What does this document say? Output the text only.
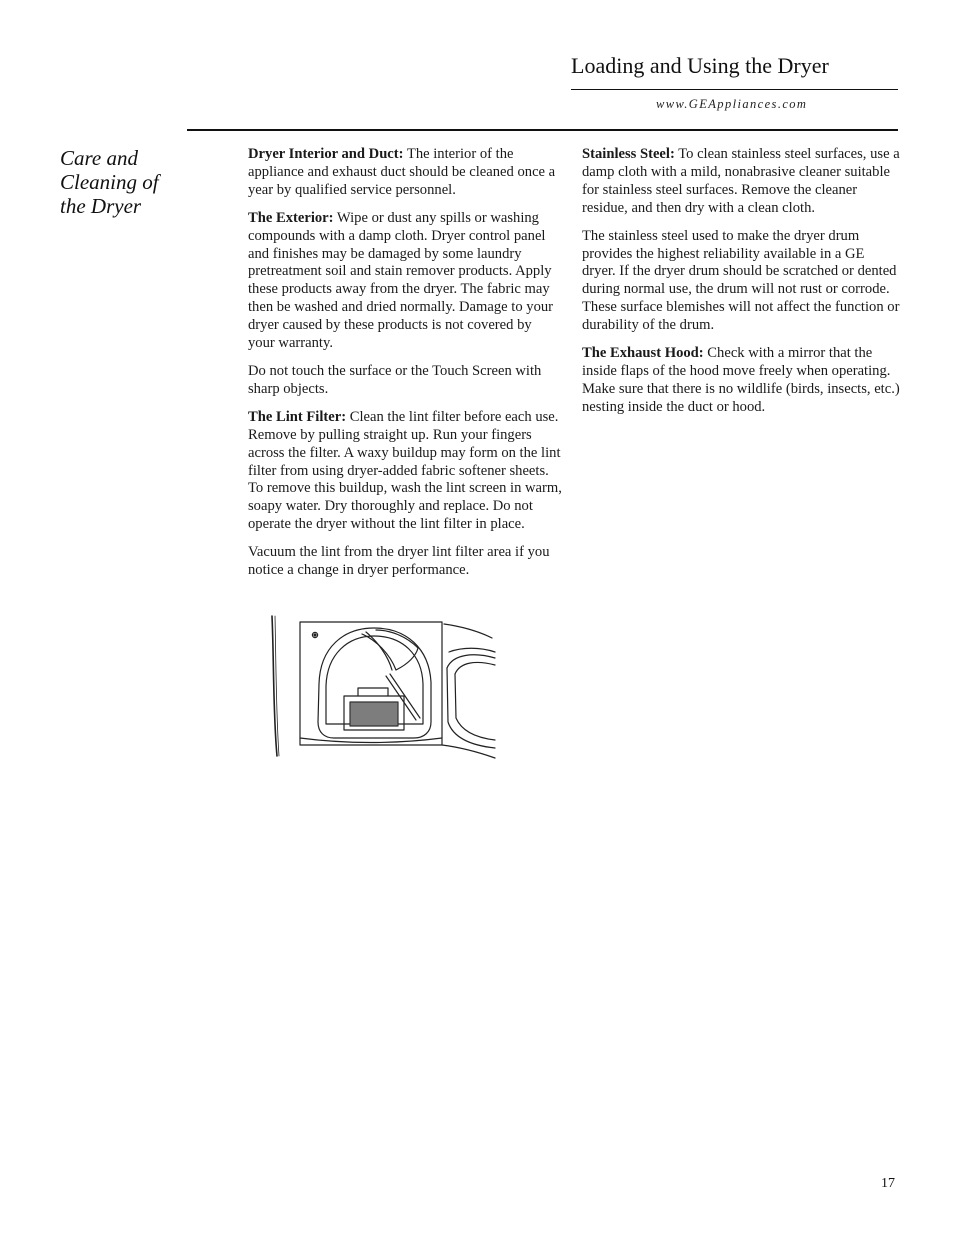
Loading and Using the Dryer
www.GEAppliances.com
Care and
Cleaning of
the Dryer

Dryer Interior and Duct: The interior of the appliance and exhaust duct should be cleaned once a year by qualified service personnel.

The Exterior: Wipe or dust any spills or washing compounds with a damp cloth. Dryer control panel and finishes may be damaged by some laundry pretreatment soil and stain remover products. Apply these products away from the dryer. The fabric may then be washed and dried normally. Damage to your dryer caused by these products is not covered by your warranty.

Do not touch the surface or the Touch Screen with sharp objects.

The Lint Filter: Clean the lint filter before each use. Remove by pulling straight up. Run your fingers across the filter. A waxy buildup may form on the lint filter from using dryer-added fabric softener sheets. To remove this buildup, wash the lint screen in warm, soapy water. Dry thoroughly and replace. Do not operate the dryer without the lint filter in place.

Vacuum the lint from the dryer lint filter area if you notice a change in dryer performance.

Stainless Steel: To clean stainless steel surfaces, use a damp cloth with a mild, nonabrasive cleaner suitable for stainless steel surfaces. Remove the cleaner residue, and then dry with a clean cloth.

The stainless steel used to make the dryer drum provides the highest reliability available in a GE dryer. If the dryer drum should be scratched or dented during normal use, the drum will not rust or corrode. These surface blemishes will not affect the function or durability of the drum.

The Exhaust Hood: Check with a mirror that the inside flaps of the hood move freely when operating. Make sure that there is no wildlife (birds, insects, etc.) nesting inside the duct or hood.

17
